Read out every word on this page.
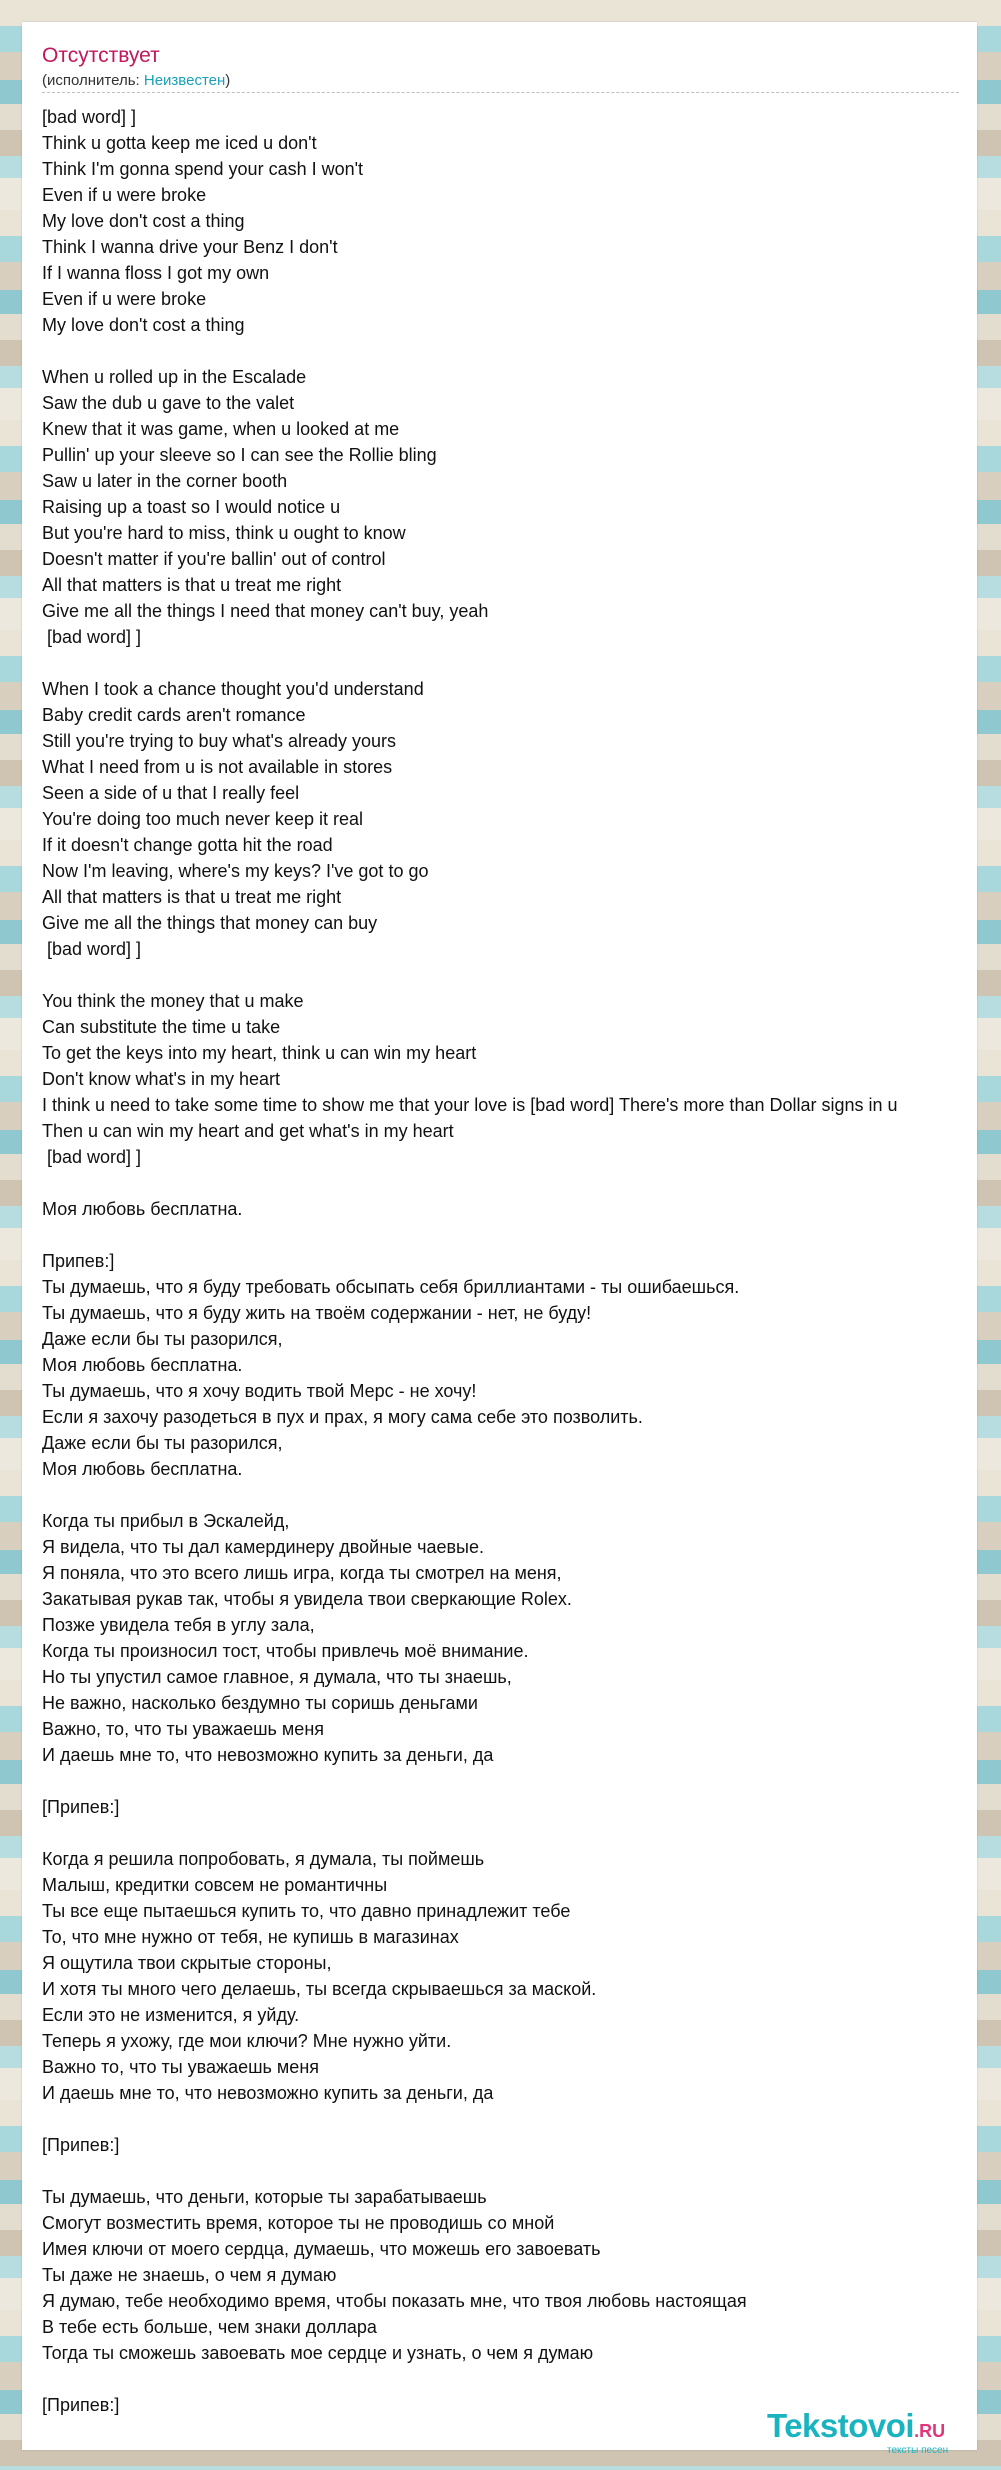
Отсутствует
(исполнитель: Неизвестен)
[bad word] ]
Think u gotta keep me iced u don't
Think I'm gonna spend your cash I won't
Even if u were broke
My love don't cost a thing
Think I wanna drive your Benz I don't
If I wanna floss I got my own
Even if u were broke
My love don't cost a thing
When u rolled up in the Escalade
Saw the dub u gave to the valet
Knew that it was game, when u looked at me
Pullin' up your sleeve so I can see the Rollie bling
Saw u later in the corner booth
Raising up a toast so I would notice u
But you're hard to miss, think u ought to know
Doesn't matter if you're ballin' out of control
All that matters is that u treat me right
Give me all the things I need that money can't buy, yeah
[bad word] ]
When I took a chance thought you'd understand
Baby credit cards aren't romance
Still you're trying to buy what's already yours
What I need from u is not available in stores
Seen a side of u that I really feel
You're doing too much never keep it real
If it doesn't change gotta hit the road
Now I'm leaving, where's my keys? I've got to go
All that matters is that u treat me right
Give me all the things that money can buy
[bad word] ]
You think the money that u make
Can substitute the time u take
To get the keys into my heart, think u can win my heart
Don't know what's in my heart
I think u need to take some time to show me that your love is [bad word] There's more than Dollar signs in u
Then u can win my heart and get what's in my heart
[bad word] ]
Моя любовь бесплатна.
Припев:]
Ты думаешь, что я буду требовать обсыпать себя бриллиантами - ты ошибаешься.
Ты думаешь, что я буду жить на твоём содержании - нет, не буду!
Даже если бы ты разорился,
Моя любовь бесплатна.
Ты думаешь, что я хочу водить твой Мерс - не хочу!
Если я захочу разодеться в пух и прах, я могу сама себе это позволить.
Даже если бы ты разорился,
Моя любовь бесплатна.
Когда ты прибыл в Эскалейд,
Я видела, что ты дал камердинеру двойные чаевые.
Я поняла, что это всего лишь игра, когда ты смотрел на меня,
Закатывая рукав так, чтобы я увидела твои сверкающие Rolex.
Позже увидела тебя в углу зала,
Когда ты произносил тост, чтобы привлечь моё внимание.
Но ты упустил самое главное, я думала, что ты знаешь,
Не важно, насколько бездумно ты соришь деньгами
Важно, то, что ты уважаешь меня
И даешь мне то, что невозможно купить за деньги, да
[Припев:]
Когда я решила попробовать, я думала, ты поймешь
Малыш, кредитки совсем не романтичны
Ты все еще пытаешься купить то, что давно принадлежит тебе
То, что мне нужно от тебя, не купишь в магазинах
Я ощутила твои скрытые стороны,
И хотя ты много чего делаешь, ты всегда скрываешься за маской.
Если это не изменится, я уйду.
Теперь я ухожу, где мои ключи? Мне нужно уйти.
Важно то, что ты уважаешь меня
И даешь мне то, что невозможно купить за деньги, да
[Припев:]
Ты думаешь, что деньги, которые ты зарабатываешь
Смогут возместить время, которое ты не проводишь со мной
Имея ключи от моего сердца, думаешь, что можешь его завоевать
Ты даже не знаешь, о чем я думаю
Я думаю, тебе необходимо время, чтобы показать мне, что твоя любовь настоящая
В тебе есть больше, чем знаки доллара
Тогда ты сможешь завоевать мое сердце и узнать, о чем я думаю
[Припев:]
Tekstovoi.RU
тексты песен
